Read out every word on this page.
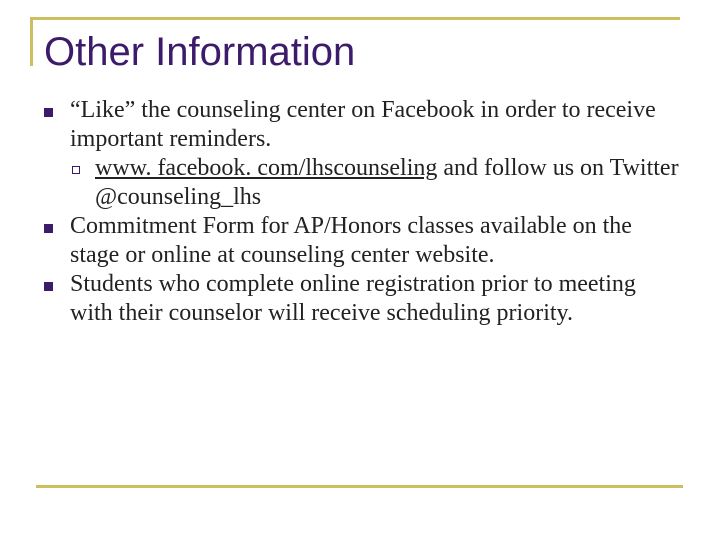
Other Information
“Like” the counseling center on Facebook in order to receive important reminders.
www. facebook. com/lhscounseling and follow us on Twitter @counseling_lhs
Commitment Form for AP/Honors classes available on the stage or online at counseling center website.
Students who complete online registration prior to meeting with their counselor will receive scheduling priority.
